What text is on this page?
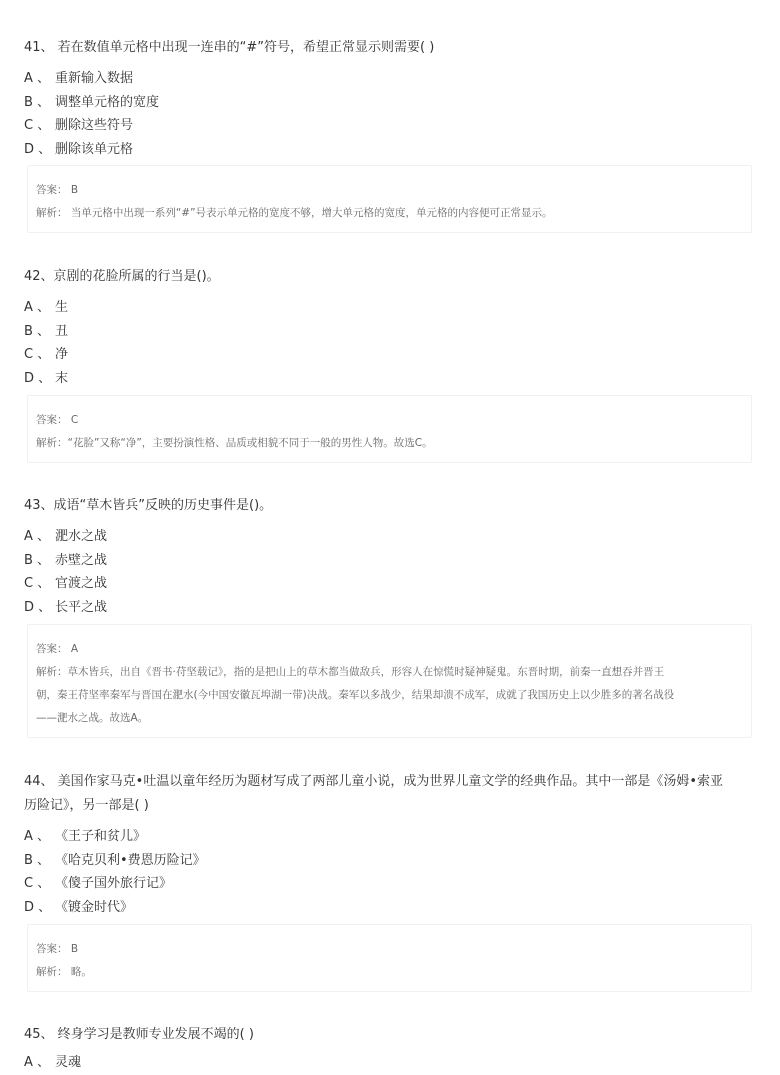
41、 若在数值单元格中出现一连串的“#”符号，希望正常显示则需要( )

A 、 重新输入数据
B 、 调整单元格的宽度
C 、 删除这些符号
D 、 删除该单元格

答案： B

解析： 当单元格中出现一系列“#”号表示单元格的宽度不够，增大单元格的宽度，单元格的内容便可正常显示。

42、京剧的花脸所属的行当是()。

A 、 生
B 、 丑
C 、 净
D 、 末

答案： C

解析：“花脸”又称“净”，主要扮演性格、品质或相貌不同于一般的男性人物。故选C。

43、成语“草木皆兵”反映的历史事件是()。

A 、 淝水之战
B 、 赤壁之战
C 、 官渡之战
D 、 长平之战

答案： A

解析：草木皆兵，出自《晋书·苻坚载记》，指的是把山上的草木都当做敌兵，形容人在惊慌时疑神疑鬼。东晋时期，前秦一直想吞并晋王

朝，秦王苻坚率秦军与晋国在淝水(今中国安徽瓦埠湖一带)决战。秦军以多战少，结果却溃不成军，成就了我国历史上以少胜多的著名战役

——淝水之战。故选A。

44、 美国作家马克•吐温以童年经历为题材写成了两部儿童小说，成为世界儿童文学的经典作品。其中一部是《汤姆•索亚

历险记》，另一部是( )

A 、 《王子和贫儿》
B 、 《哈克贝利•费恩历险记》
C 、 《傻子国外旅行记》
D 、 《镀金时代》

答案： B

解析： 略。

45、 终身学习是教师专业发展不竭的( )

A 、 灵魂
